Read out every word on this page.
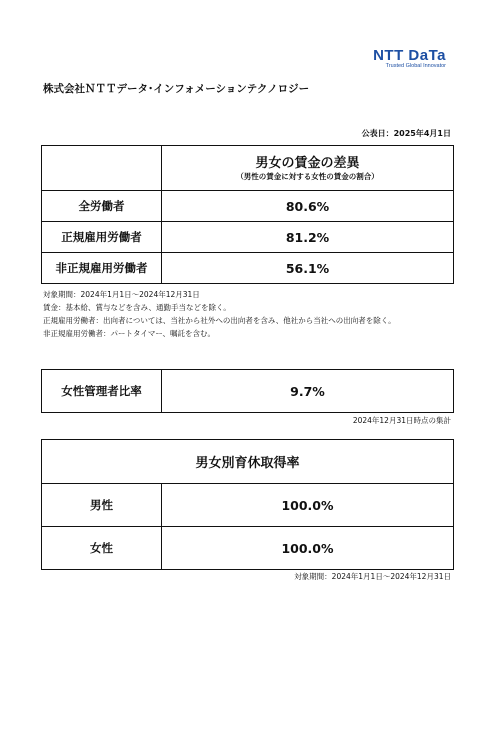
NTT DaTa
Trusted Global Innovator
株式会社ＮＴＴデータ･インフォメーションテクノロジー
公表日：2025年4月1日

	男女の賃金の差異
（男性の賃金に対する女性の賃金の割合）

全労働者	80.6%
正規雇用労働者	81.2%
非正規雇用労働者	56.1%
対象期間：2024年1月1日～2024年12月31日
賃金：基本給、賞与などを含み、通勤手当などを除く。
正規雇用労働者：出向者については、当社から社外への出向者を含み、他社から当社への出向者を除く。
非正規雇用労働者：パートタイマー、嘱託を含む。
女性管理者比率	9.7%
2024年12月31日時点の集計
男女別育休取得率	
男性	100.0%
女性	100.0%
対象期間：2024年1月1日～2024年12月31日
